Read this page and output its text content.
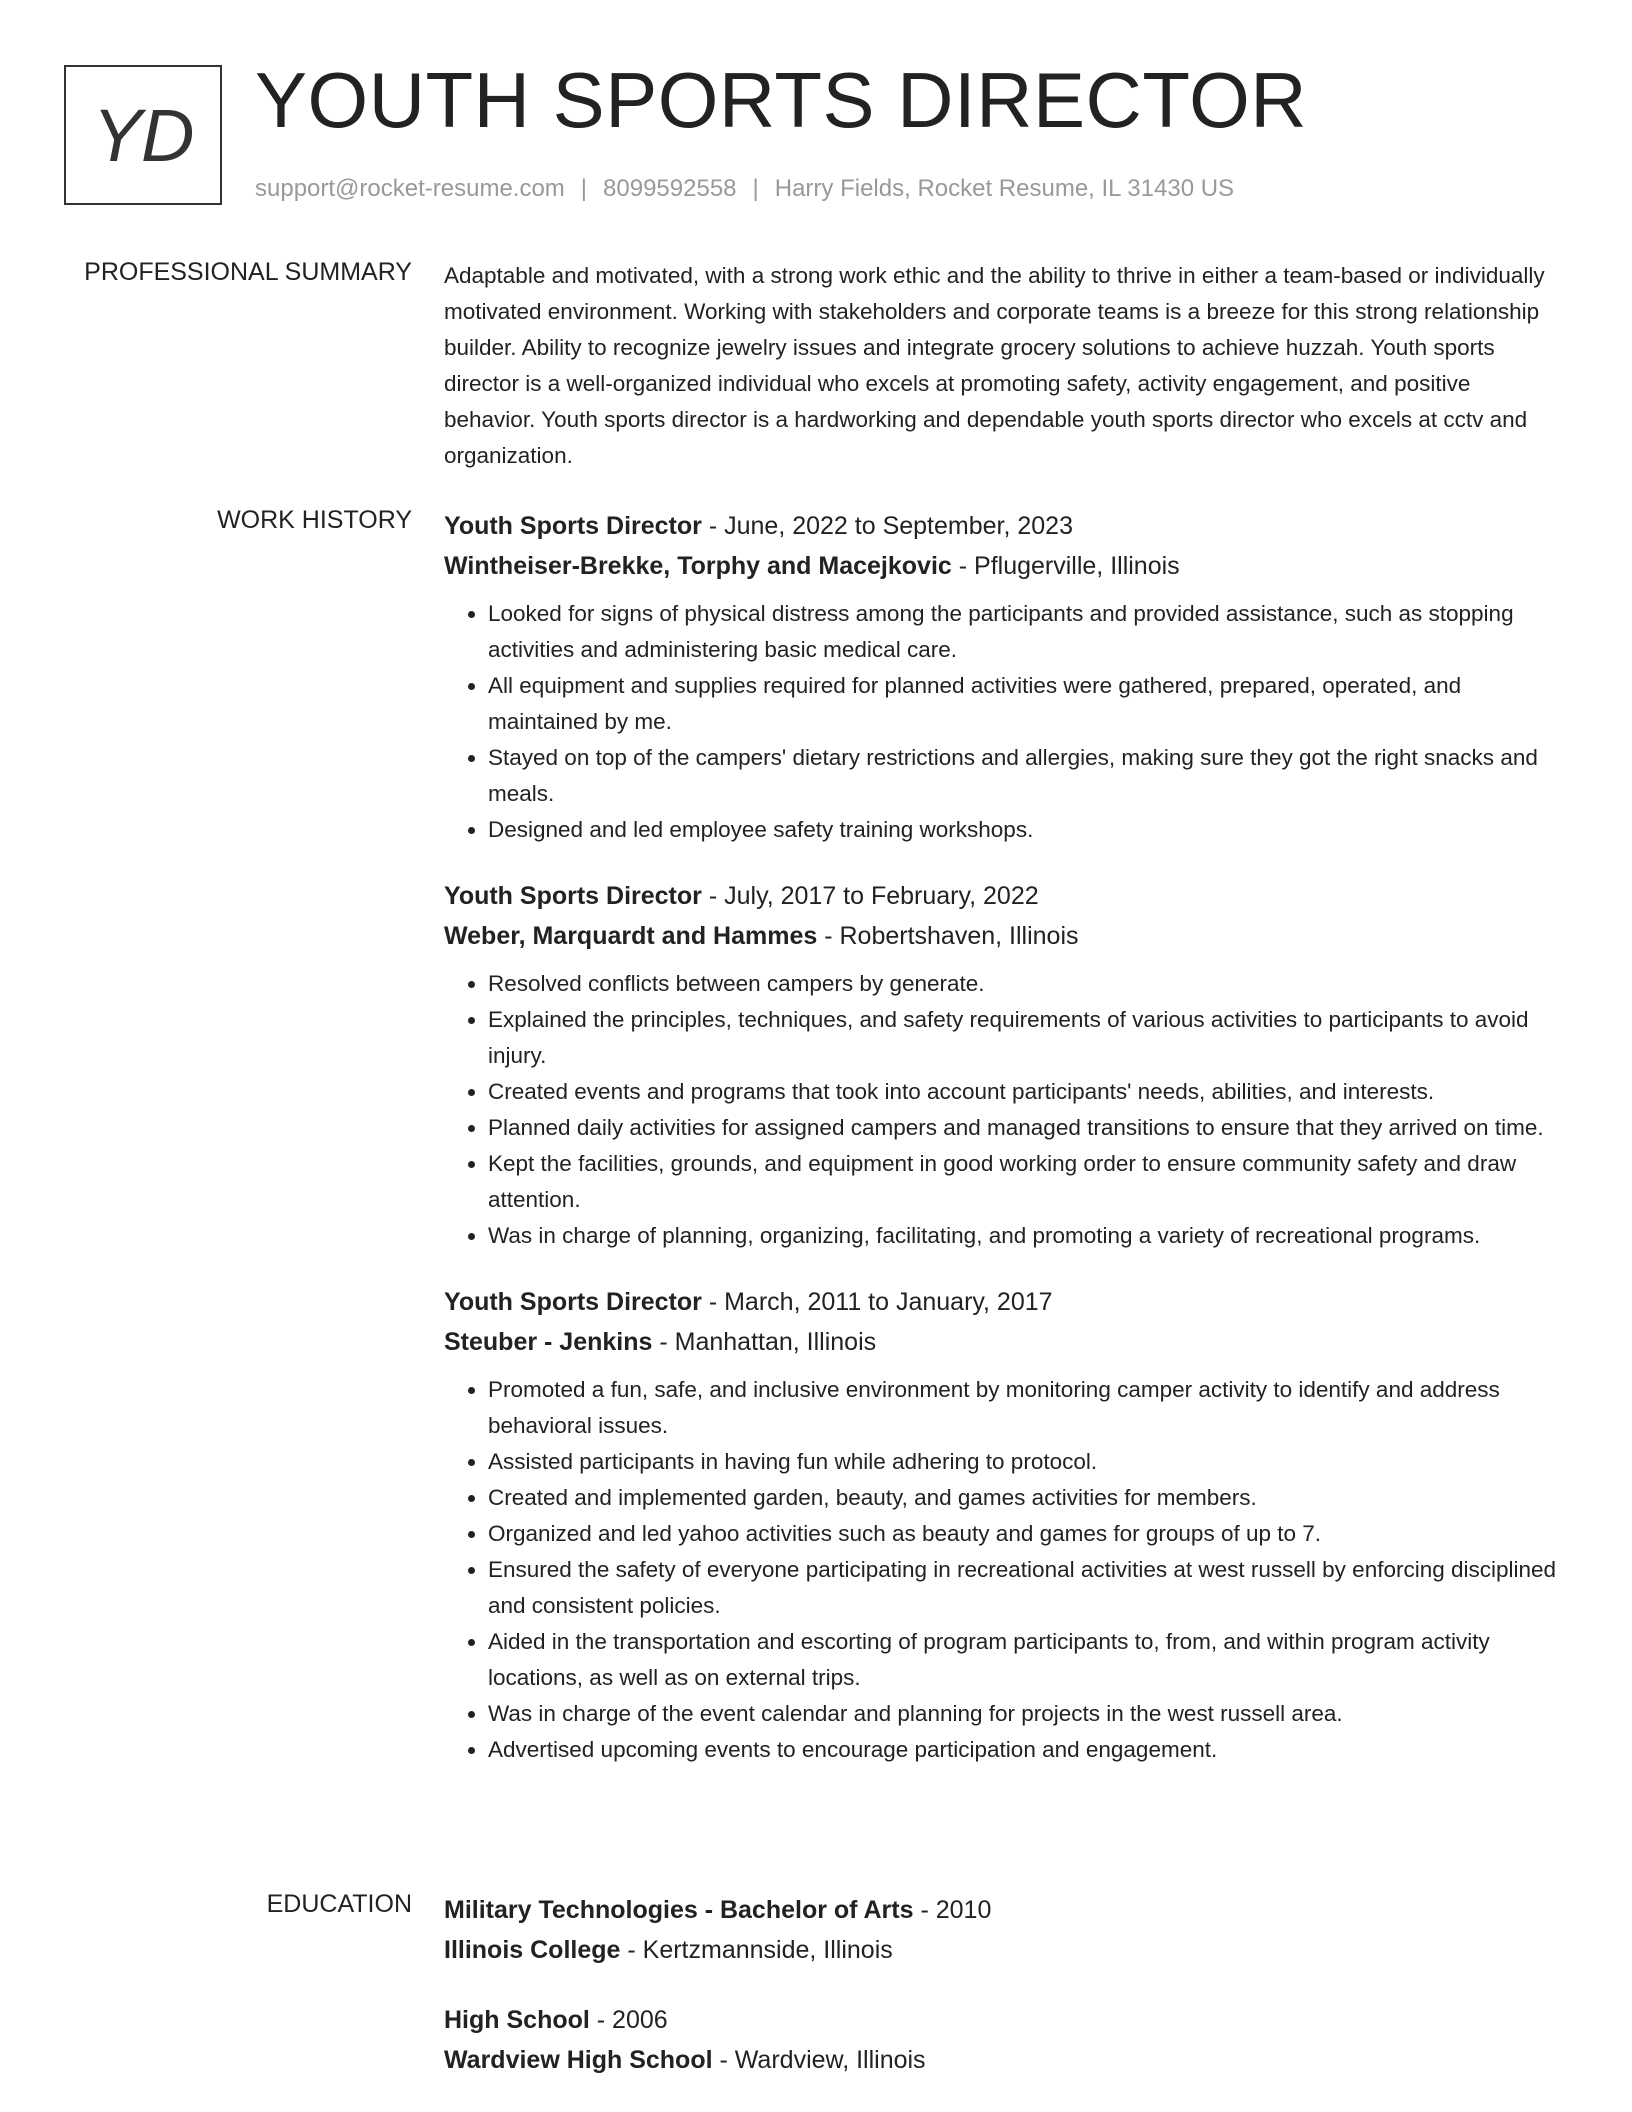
YD YOUTH SPORTS DIRECTOR
support@rocket-resume.com | 8099592558 | Harry Fields, Rocket Resume, IL 31430 US
PROFESSIONAL SUMMARY Adaptable and motivated, with a strong work ethic and the ability to thrive in either a team-based or individually motivated environment. Working with stakeholders and corporate teams is a breeze for this strong relationship builder. Ability to recognize jewelry issues and integrate grocery solutions to achieve huzzah. Youth sports director is a well-organized individual who excels at promoting safety, activity engagement, and positive behavior. Youth sports director is a hardworking and dependable youth sports director who excels at cctv and organization.

WORK HISTORY Youth Sports Director - June, 2022 to September, 2023
Wintheiser-Brekke, Torphy and Macejkovic - Pflugerville, Illinois
• Looked for signs of physical distress among the participants and provided assistance, such as stopping activities and administering basic medical care.
• All equipment and supplies required for planned activities were gathered, prepared, operated, and maintained by me.
• Stayed on top of the campers' dietary restrictions and allergies, making sure they got the right snacks and meals.
• Designed and led employee safety training workshops.
Youth Sports Director - July, 2017 to February, 2022
Weber, Marquardt and Hammes - Robertshaven, Illinois
• Resolved conflicts between campers by generate.
• Explained the principles, techniques, and safety requirements of various activities to participants to avoid injury.
• Created events and programs that took into account participants' needs, abilities, and interests.
• Planned daily activities for assigned campers and managed transitions to ensure that they arrived on time.
• Kept the facilities, grounds, and equipment in good working order to ensure community safety and draw attention.
• Was in charge of planning, organizing, facilitating, and promoting a variety of recreational programs.
Youth Sports Director - March, 2011 to January, 2017
Steuber - Jenkins - Manhattan, Illinois
• Promoted a fun, safe, and inclusive environment by monitoring camper activity to identify and address behavioral issues.
• Assisted participants in having fun while adhering to protocol.
• Created and implemented garden, beauty, and games activities for members.
• Organized and led yahoo activities such as beauty and games for groups of up to 7.
• Ensured the safety of everyone participating in recreational activities at west russell by enforcing disciplined and consistent policies.
• Aided in the transportation and escorting of program participants to, from, and within program activity locations, as well as on external trips.
• Was in charge of the event calendar and planning for projects in the west russell area.
• Advertised upcoming events to encourage participation and engagement.
EDUCATION Military Technologies - Bachelor of Arts - 2010
Illinois College - Kertzmannside, Illinois
High School - 2006
Wardview High School - Wardview, Illinois
